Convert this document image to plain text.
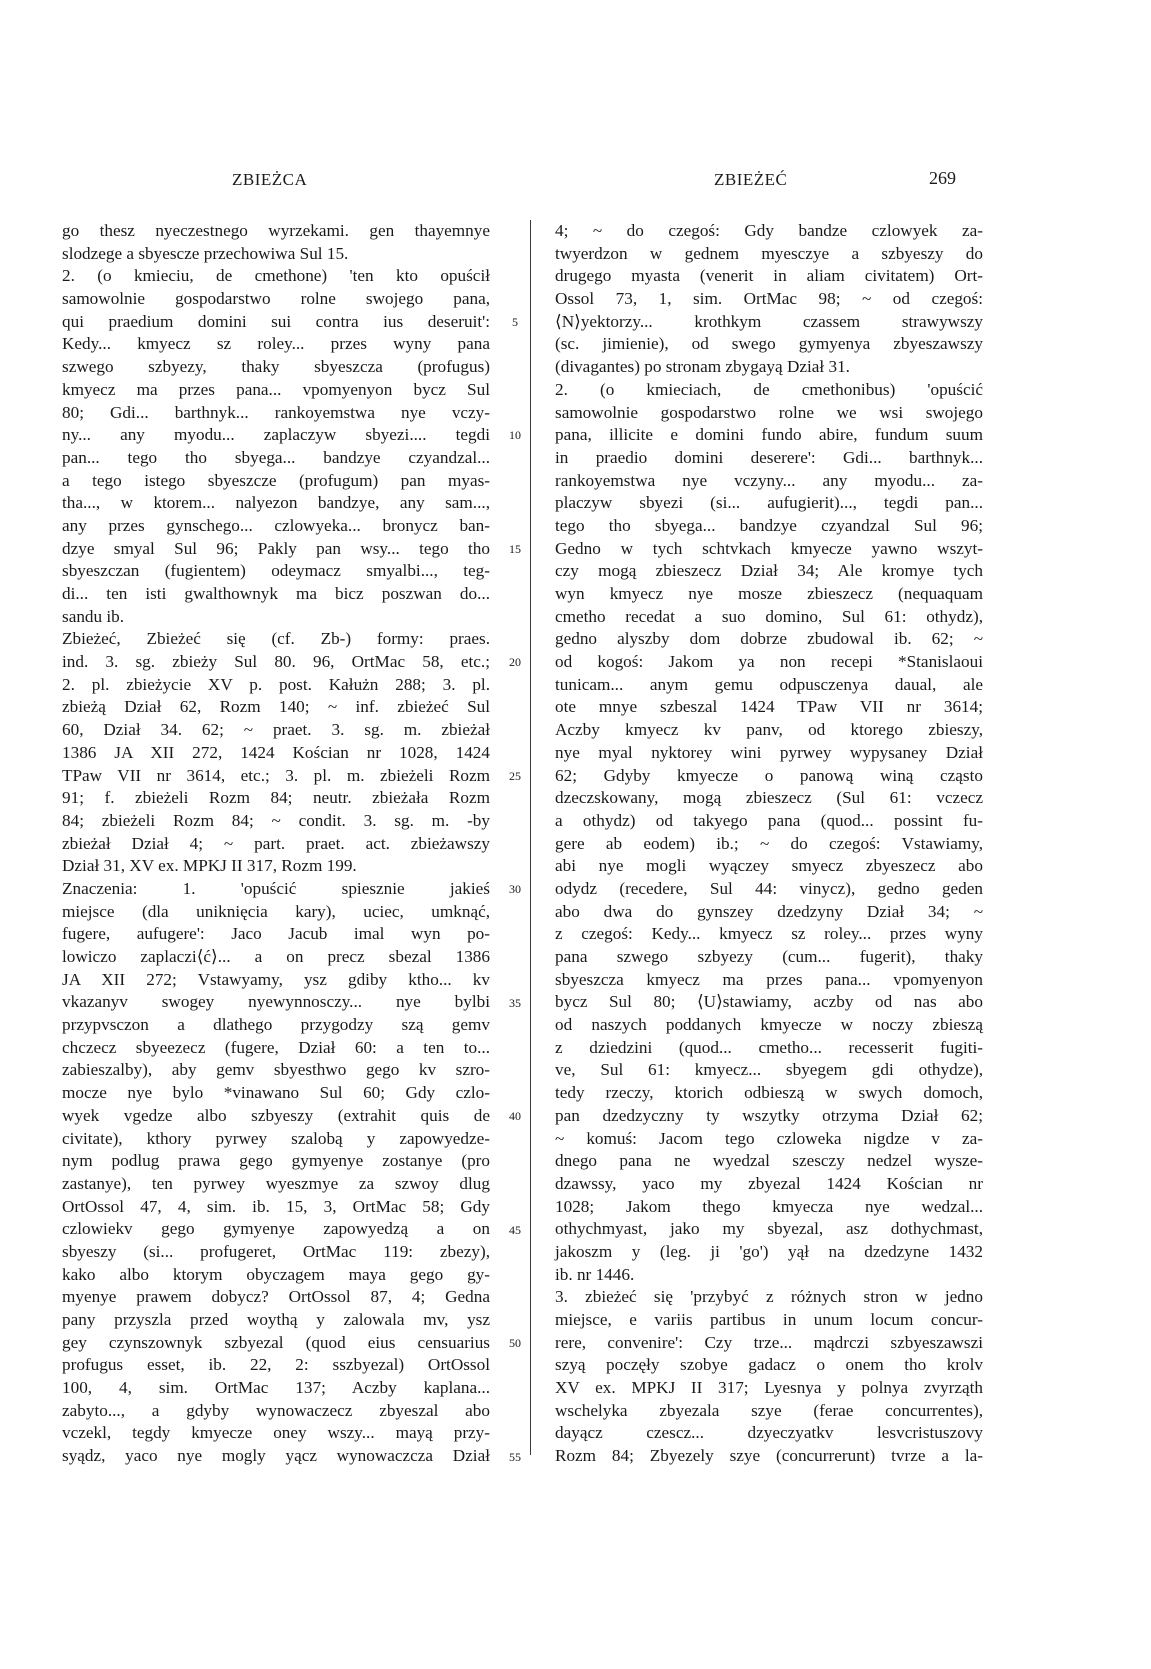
ZBIEŻCA	ZBIEŻEĆ	269
go thesz nyeczestnego wyrzekami. gen thayemnye
slodzege a sbyescze przechowiwa Sul 15.
2. (o kmieciu, de cmethone) 'ten kto opuścił
samowolnie gospodarstwo rolne swojego pana,
qui praedium domini sui contra ius deseruit':
Kedy... kmyecz sz roley... przes wyny pana
szwego szbyezy, thaky sbyeszcza (profugus)
kmyecz ma przes pana... vpomyenyon bycz Sul
80; Gdi... barthnyk... rankoyemstwa nye vczy-
ny... any myodu... zaplaczyw sbyezi.... tegdi
pan... tego tho sbyega... bandzye czyandzal...
a tego istego sbyeszcze (profugum) pan myas-
tha..., w ktorem... nalyezon bandzye, any sam...,
any przes gynschego... czlowyeka... bronycz ban-
dzye smyal Sul 96; Pakly pan wsy... tego tho
sbyeszczan (fugientem) odeymacz smyalbi..., teg-
di... ten isti gwalthownyk ma bicz poszwan do...
sandu ib.
Zbieżeć, Zbieżeć się (cf. Zb-) formy: praes.
ind. 3. sg. zbieży Sul 80. 96, OrtMac 58, etc.;
2. pl. zbieżycie XV p. post. Kałużn 288; 3. pl.
zbieżą Dział 62, Rozm 140; ~ inf. zbieżeć Sul
60, Dział 34. 62; ~ praet. 3. sg. m. zbieżał
1386 JA XII 272, 1424 Kościan nr 1028, 1424
TPaw VII nr 3614, etc.; 3. pl. m. zbieżeli Rozm
91; f. zbieżeli Rozm 84; neutr. zbieżała Rozm
84; zbieżeli Rozm 84; ~ condit. 3. sg. m. -by
zbieżał Dział 4; ~ part. praet. act. zbieżawszy
Dział 31, XV ex. MPKJ II 317, Rozm 199.
Znaczenia: 1. 'opuścić spiesznie jakieś
miejsce (dla uniknięcia kary), uciec, umknąć,
fugere, aufugere': Jaco Jacub imal wyn po-
lowiczo zaplaczi⟨ć⟩... a on precz sbezal 1386
JA XII 272; Vstawyamy, ysz gdiby ktho... kv
vkazanyv swogey nyewynnosczy... nye bylbi
przypvsczon a dlathego przygodzy szą gemv
chczecz sbyeezecz (fugere, Dział 60: a ten to...
zabieszalby), aby gemv sbyesthwo gego kv szro-
mocze nye bylo *vinawano Sul 60; Gdy czlo-
wyek vgedze albo szbyeszy (extrahit quis de
civitate), kthory pyrwey szalobą y zapowyedze-
nym podlug prawa gego gymyenye zostanye (pro
zastanye), ten pyrwey wyeszmye za szwoy dlug
OrtOssol 47, 4, sim. ib. 15, 3, OrtMac 58; Gdy
czlowiekv gego gymyenye zapowyedzą a on
sbyeszy (si... profugeret, OrtMac 119: zbezy),
kako albo ktorym obyczagem maya gego gy-
myenye prawem dobycz? OrtOssol 87, 4; Gedna
pany przyszla przed woythą y zalowala mv, ysz
gey czynszownyk szbyezal (quod eius censuarius
profugus esset, ib. 22, 2: sszbyezal) OrtOssol
100, 4, sim. OrtMac 137; Aczby kaplana...
zabyto..., a gdyby wynowaczecz zbyeszal abo
vczekl, tegdy kmyecze oney wszy... mayą przy-
syądz, yaco nye mogly yącz wynowaczcza Dział
5
10
15
20
25
30
35
40
45
50
55
4; ~ do czegoś: Gdy bandze czlowyek za-
twyerdzon w gednem myesczye a szbyeszy do
drugego myasta (venerit in aliam civitatem) Ort-
Ossol 73, 1, sim. OrtMac 98; ~ od czegoś:
⟨N⟩yektorzy... krothkym czassem strawywszy
(sc. jimienie), od swego gymyenya zbyeszawszy
(divagantes) po stronam zbygayą Dział 31.
2. (o kmieciach, de cmethonibus) 'opuścić
samowolnie gospodarstwo rolne we wsi swojego
pana, illicite e domini fundo abire, fundum suum
in praedio domini deserere': Gdi... barthnyk...
rankoyemstwa nye vczyny... any myodu... za-
placzyw sbyezi (si... aufugierit)..., tegdi pan...
tego tho sbyega... bandzye czyandzal Sul 96;
Gedno w tych schtvkach kmyecze yawno wszyt-
czy mogą zbieszecz Dział 34; Ale kromye tych
wyn kmyecz nye mosze zbieszecz (nequaquam
cmetho recedat a suo domino, Sul 61: othydz),
gedno alyszby dom dobrze zbudowal ib. 62; ~
od kogoś: Jakom ya non recepi *Stanislaoui
tunicam... anym gemu odpusczenya daual, ale
ote mnye szbeszal 1424 TPaw VII nr 3614;
Aczby kmyecz kv panv, od ktorego zbieszy,
nye myal nyktorey wini pyrwey wypysaney Dział
62; Gdyby kmyecze o panową winą cząsto
dzeczskowany, mogą zbieszecz (Sul 61: vczecz
a othydz) od takyego pana (quod... possint fu-
gere ab eodem) ib.; ~ do czegoś: Vstawiamy,
abi nye mogli wyączey smyecz zbyeszecz abo
odydz (recedere, Sul 44: vinycz), gedno geden
abo dwa do gynszey dzedzyny Dział 34; ~
z czegoś: Kedy... kmyecz sz roley... przes wyny
pana szwego szbyezy (cum... fugerit), thaky
sbyeszcza kmyecz ma przes pana... vpomyenyon
bycz Sul 80; ⟨U⟩stawiamy, aczby od nas abo
od naszych poddanych kmyecze w noczy zbieszą
z dziedzini (quod... cmetho... recesserit fugiti-
ve, Sul 61: kmyecz... sbyegem gdi othydze),
tedy rzeczy, ktorich odbieszą w swych domoch,
pan dzedzyczny ty wszytky otrzyma Dział 62;
~ komuś: Jacom tego czloweka nigdze v za-
dnego pana ne wyedzal szesczy nedzel wysze-
dzawssy, yaco my zbyezal 1424 Kościan nr
1028; Jakom thego kmyecza nye wedzal...
othychmyast, jako my sbyezal, asz dothychmast,
jakoszm y (leg. ji 'go') yął na dzedzyne 1432
ib. nr 1446.
3. zbieżeć się 'przybyć z różnych stron w jedno
miejsce, e variis partibus in unum locum concur-
rere, convenire': Czy trze... mądrczi szbyeszawszi
szyą poczęły szobye gadacz o onem tho krolv
XV ex. MPKJ II 317; Lyesnya y polnya zvyrząth
wschelyka zbyezala szye (ferae concurrentes),
dayącz czescz... dzyeczyatkv lesvcristuszovy
Rozm 84; Zbyezely szye (concurrerunt) tvrze a la-
